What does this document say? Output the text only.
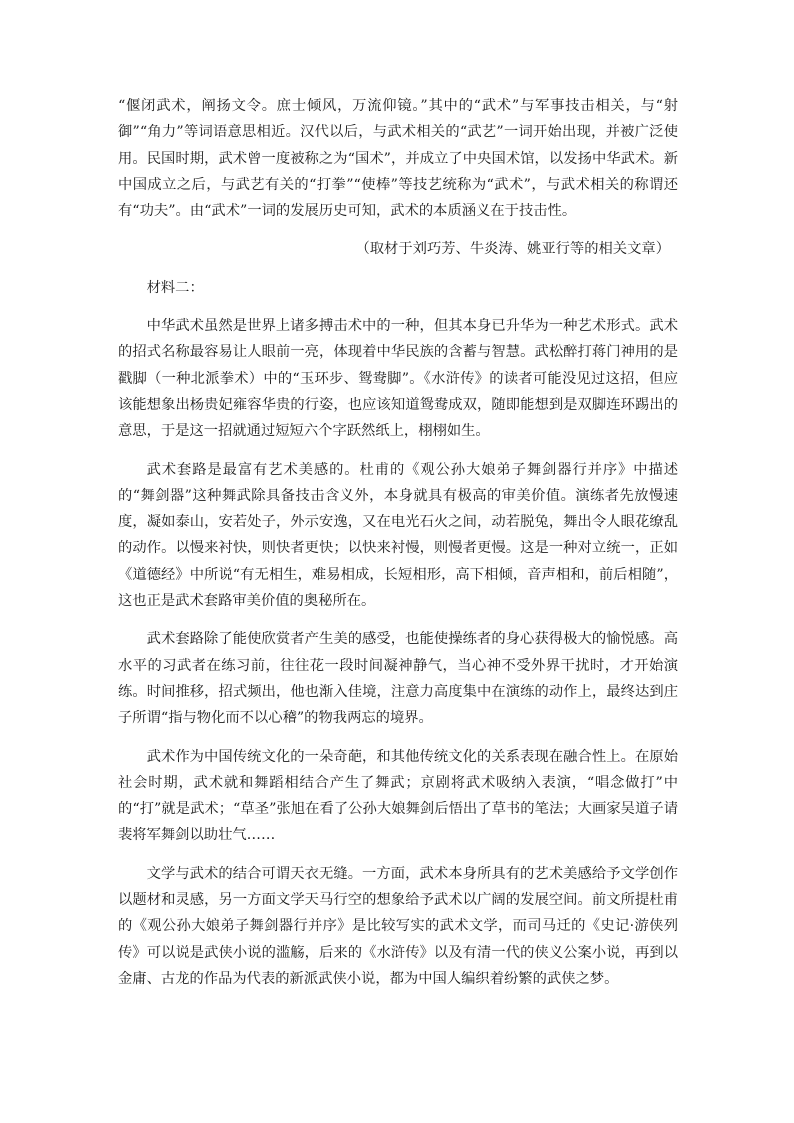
“偃闭武术，阐扬文令。庶士倾风，万流仰镜。”其中的“武术”与军事技击相关，与“射御”“角力”等词语意思相近。汉代以后，与武术相关的“武艺”一词开始出现，并被广泛使用。民国时期，武术曾一度被称之为“国术”，并成立了中央国术馆，以发扬中华武术。新中国成立之后，与武艺有关的“打拳”“使棒”等技艺统称为“武术”，与武术相关的称谓还有“功夫”。由“武术”一词的发展历史可知，武术的本质涵义在于技击性。

（取材于刘巧芳、牛炎涛、姚亚行等的相关文章）

材料二：

中华武术虽然是世界上诸多搏击术中的一种，但其本身已升华为一种艺术形式。武术的招式名称最容易让人眼前一亮，体现着中华民族的含蓄与智慧。武松醉打蒋门神用的是戳脚（一种北派拳术）中的“玉环步、鸳鸯脚”。《水浒传》的读者可能没见过这招，但应该能想象出杨贵妃雍容华贵的行姿，也应该知道鸳鸯成双，随即能想到是双脚连环踢出的意思，于是这一招就通过短短六个字跃然纸上，栩栩如生。

武术套路是最富有艺术美感的。杜甫的《观公孙大娘弟子舞剑器行并序》中描述的“舞剑器”这种舞武除具备技击含义外，本身就具有极高的审美价值。演练者先放慢速度，凝如泰山，安若处子，外示安逸，又在电光石火之间，动若脱兔，舞出令人眼花缭乱的动作。以慢来衬快，则快者更快；以快来衬慢，则慢者更慢。这是一种对立统一，正如《道德经》中所说“有无相生，难易相成，长短相形，高下相倾，音声相和，前后相随”，这也正是武术套路审美价值的奥秘所在。

武术套路除了能使欣赏者产生美的感受，也能使操练者的身心获得极大的愉悦感。高水平的习武者在练习前，往往花一段时间凝神静气，当心神不受外界干扰时，才开始演练。时间推移，招式频出，他也渐入佳境，注意力高度集中在演练的动作上，最终达到庄子所谓“指与物化而不以心稽”的物我两忘的境界。

武术作为中国传统文化的一朵奇葩，和其他传统文化的关系表现在融合性上。在原始社会时期，武术就和舞蹈相结合产生了舞武；京剧将武术吸纳入表演，“唱念做打”中的“打”就是武术；“草圣”张旭在看了公孙大娘舞剑后悟出了草书的笔法；大画家吴道子请裴将军舞剑以助壮气……

文学与武术的结合可谓天衣无缝。一方面，武术本身所具有的艺术美感给予文学创作以题材和灵感，另一方面文学天马行空的想象给予武术以广阔的发展空间。前文所提杜甫的《观公孙大娘弟子舞剑器行并序》是比较写实的武术文学，而司马迁的《史记·游侠列传》可以说是武侠小说的滥觞，后来的《水浒传》以及有清一代的侠义公案小说，再到以金庸、古龙的作品为代表的新派武侠小说，都为中国人编织着纷繁的武侠之梦。
